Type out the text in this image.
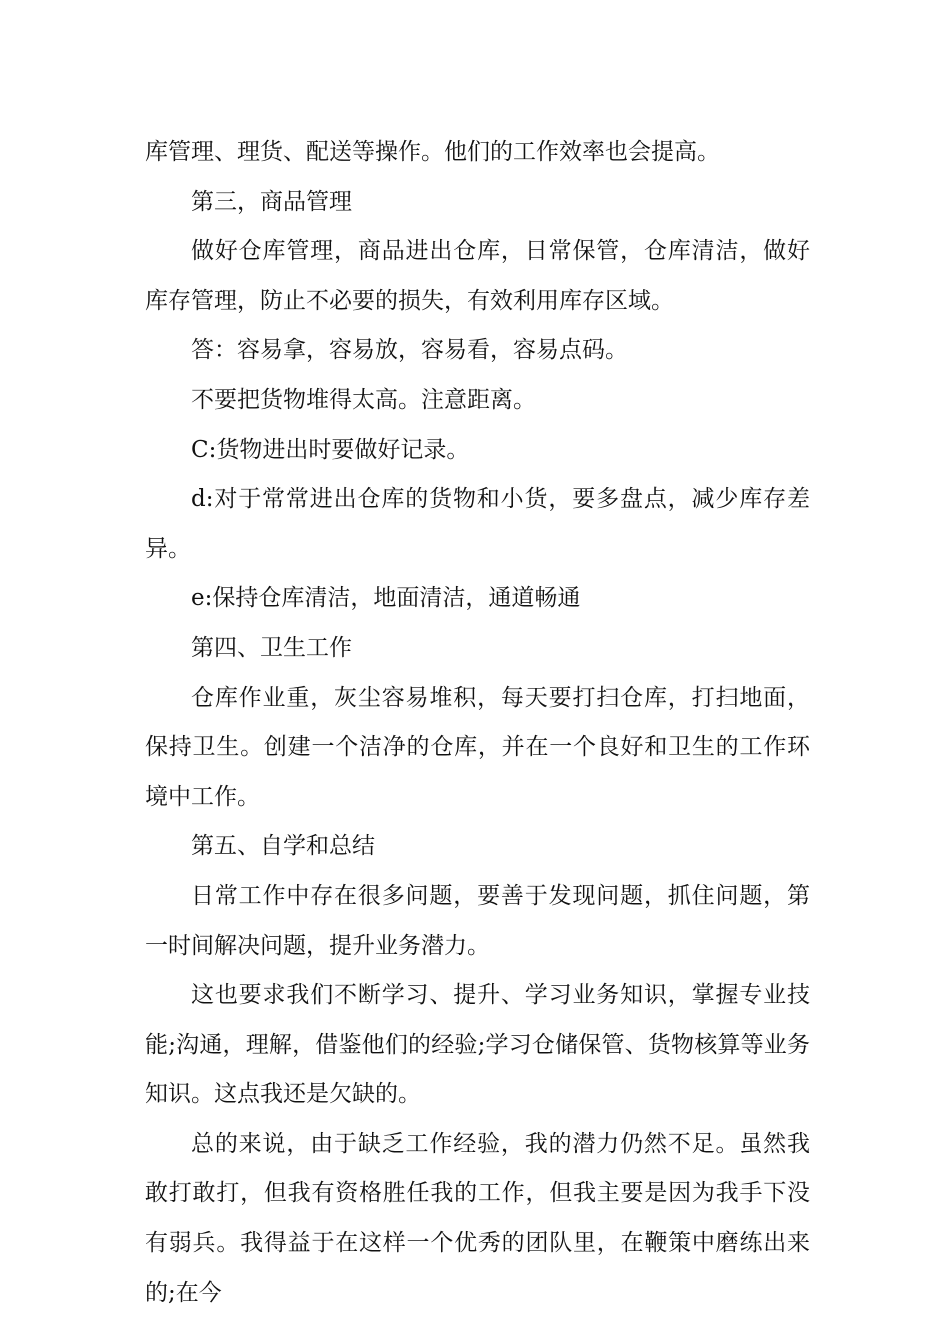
库管理、理货、配送等操作。他们的工作效率也会提高。

第三，商品管理

做好仓库管理，商品进出仓库，日常保管，仓库清洁，做好库存管理，防止不必要的损失，有效利用库存区域。

答：容易拿，容易放，容易看，容易点码。

不要把货物堆得太高。注意距离。

C:货物进出时要做好记录。

d:对于常常进出仓库的货物和小货，要多盘点，减少库存差异。

e:保持仓库清洁，地面清洁，通道畅通

第四、卫生工作

仓库作业重，灰尘容易堆积，每天要打扫仓库，打扫地面，保持卫生。创建一个洁净的仓库，并在一个良好和卫生的工作环境中工作。

第五、自学和总结

日常工作中存在很多问题，要善于发现问题，抓住问题，第一时间解决问题，提升业务潜力。

这也要求我们不断学习、提升、学习业务知识，掌握专业技能;沟通，理解，借鉴他们的经验;学习仓储保管、货物核算等业务知识。这点我还是欠缺的。

总的来说，由于缺乏工作经验，我的潜力仍然不足。虽然我敢打敢打，但我有资格胜任我的工作，但我主要是因为我手下没有弱兵。我得益于在这样一个优秀的团队里，在鞭策中磨练出来的;在今
